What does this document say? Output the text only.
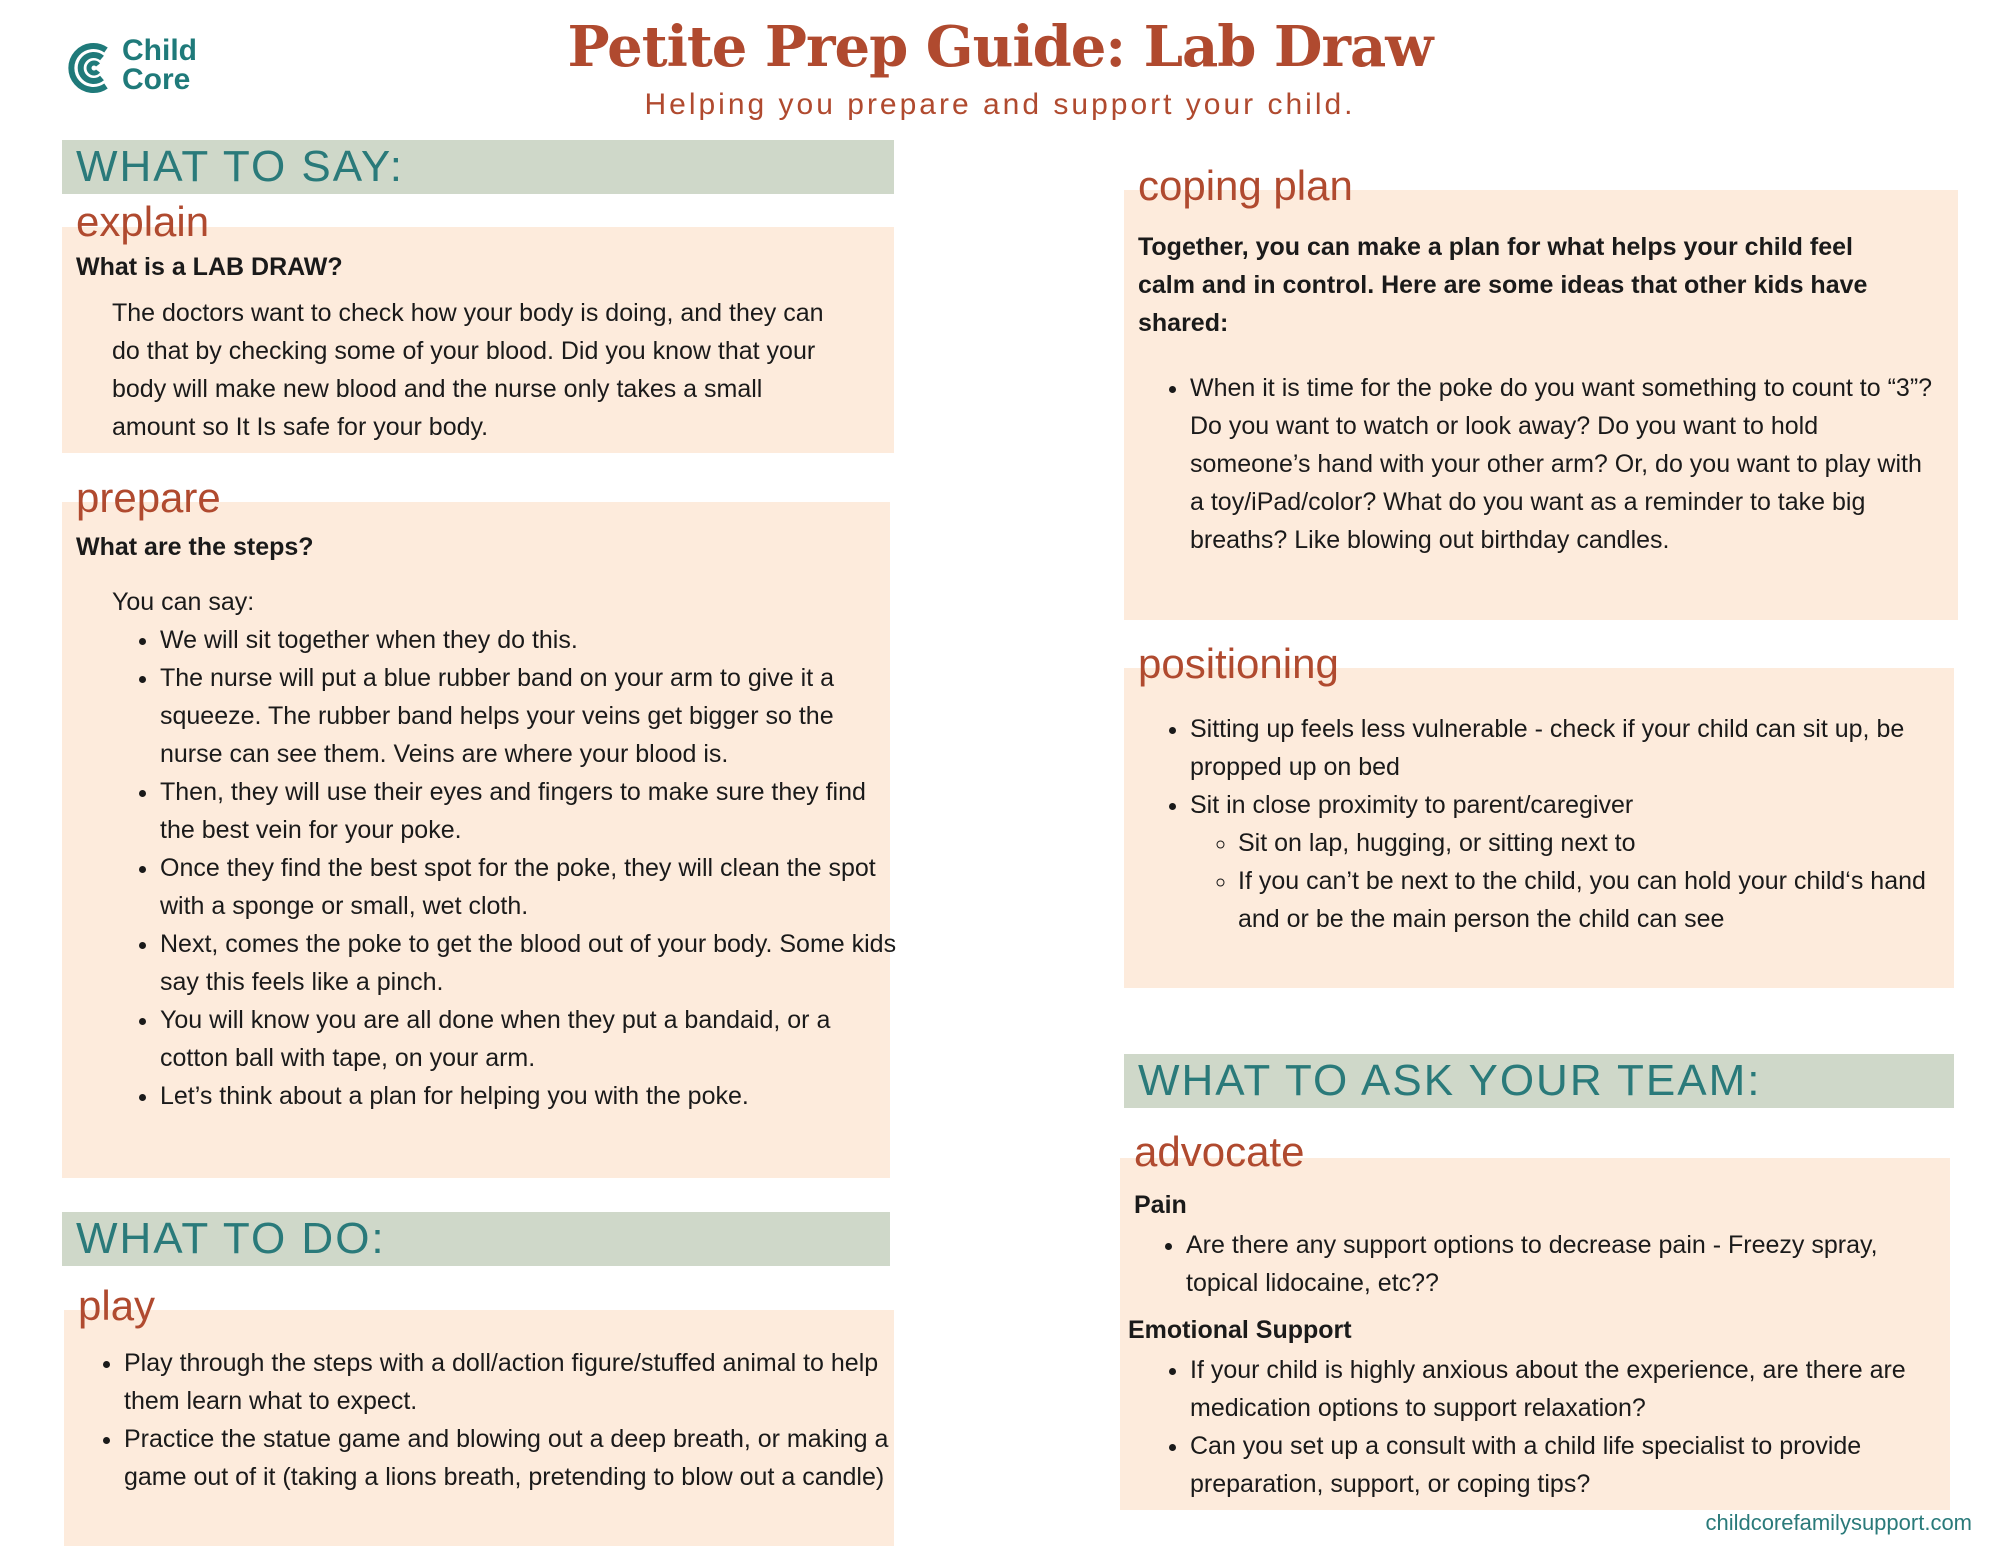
Child
Core	Petite Prep Guide: Lab Draw
Helping you prepare and support your child.
WHAT TO SAY:
explain
What is a LAB DRAW?
The doctors want to check how your body is doing, and they can do that by checking some of your blood. Did you know that your body will make new blood and the nurse only takes a small amount so It Is safe for your body.
prepare
What are the steps?
You can say:
• We will sit together when they do this.
• The nurse will put a blue rubber band on your arm to give it a squeeze. The rubber band helps your veins get bigger so the nurse can see them. Veins are where your blood is.
• Then, they will use their eyes and fingers to make sure they find the best vein for your poke.
• Once they find the best spot for the poke, they will clean the spot with a sponge or small, wet cloth.
• Next, comes the poke to get the blood out of your body. Some kids say this feels like a pinch.
• You will know you are all done when they put a bandaid, or a cotton ball with tape, on your arm.
• Let’s think about a plan for helping you with the poke.
WHAT TO DO:
play
• Play through the steps with a doll/action figure/stuffed animal to help them learn what to expect.
• Practice the statue game and blowing out a deep breath, or making a game out of it (taking a lions breath, pretending to blow out a candle)
coping plan
Together, you can make a plan for what helps your child feel calm and in control. Here are some ideas that other kids have shared:
• When it is time for the poke do you want something to count to “3”? Do you want to watch or look away? Do you want to hold someone’s hand with your other arm? Or, do you want to play with a toy/iPad/color? What do you want as a reminder to take big breaths? Like blowing out birthday candles.
positioning
• Sitting up feels less vulnerable - check if your child can sit up, be propped up on bed
• Sit in close proximity to parent/caregiver
◦ Sit on lap, hugging, or sitting next to
◦ If you can’t be next to the child, you can hold your child‘s hand and or be the main person the child can see
WHAT TO ASK YOUR TEAM:
advocate
Pain
• Are there any support options to decrease pain - Freezy spray, topical lidocaine, etc??
Emotional Support
• If your child is highly anxious about the experience, are there are medication options to support relaxation?
• Can you set up a consult with a child life specialist to provide preparation, support, or coping tips?
childcorefamilysupport.com
